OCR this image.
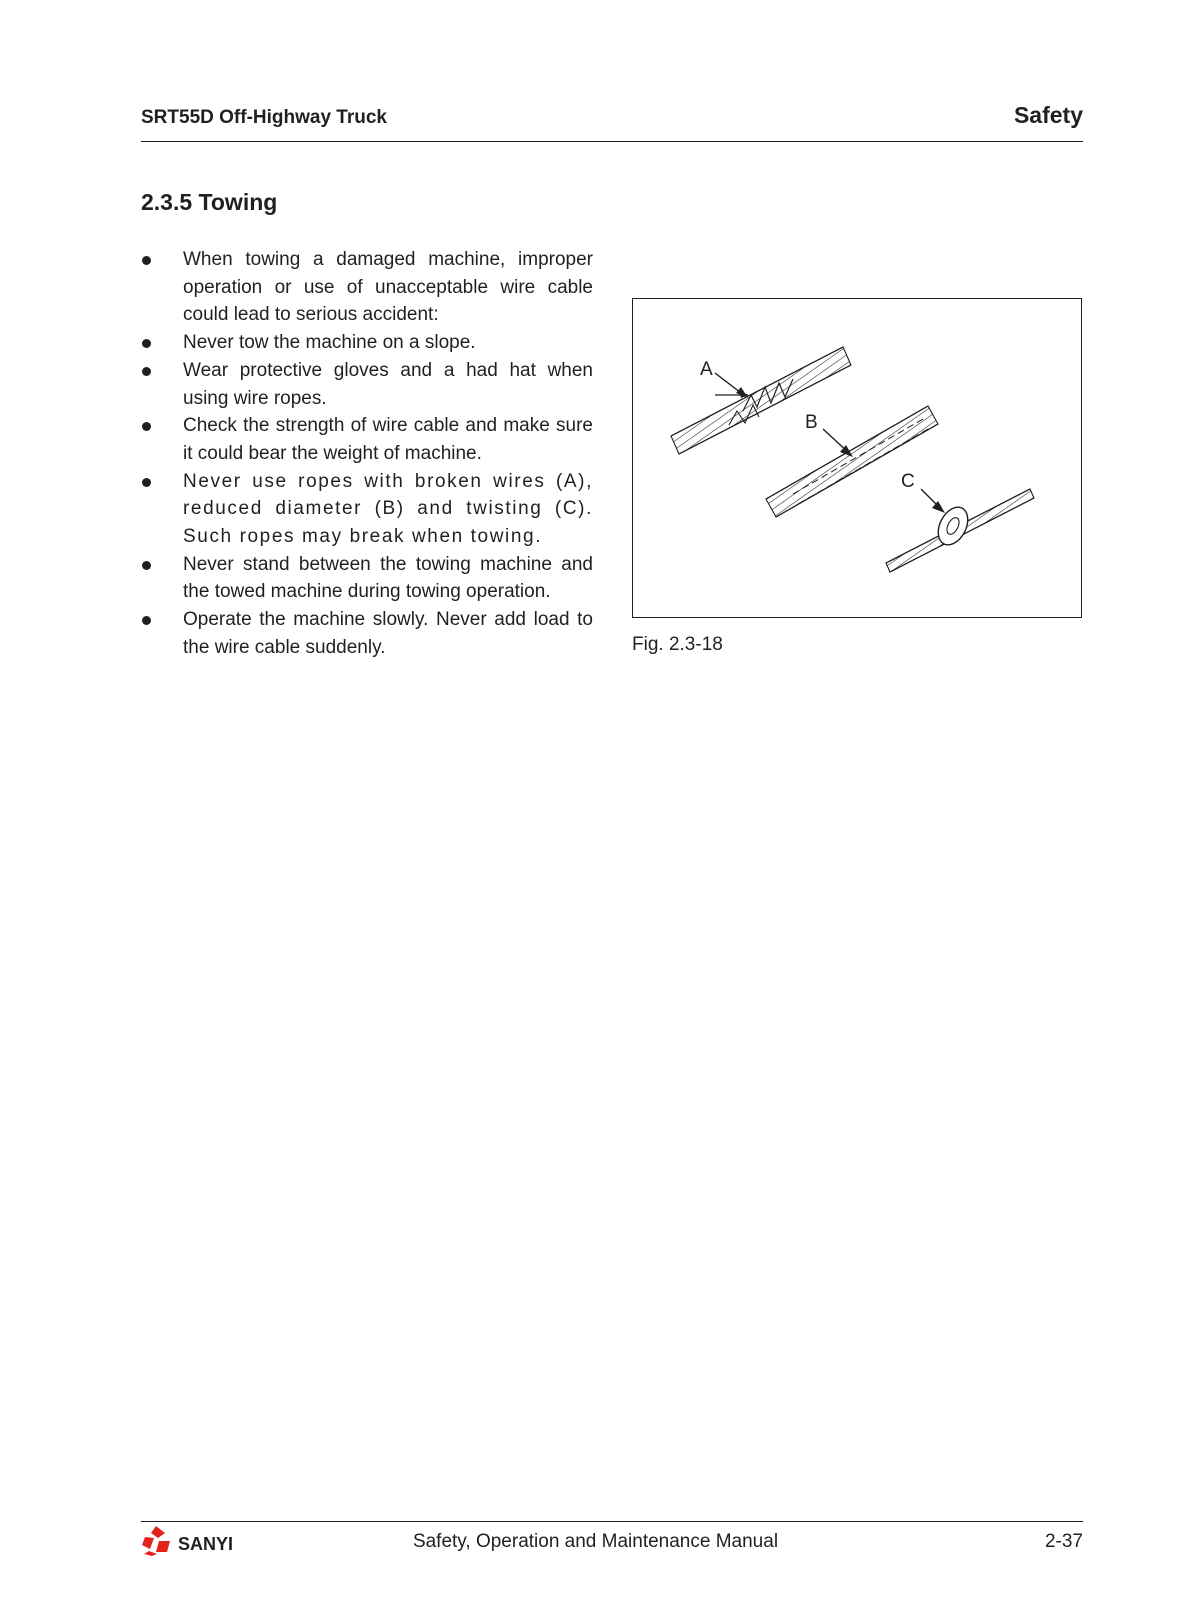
SRT55D Off-Highway Truck	Safety
2.3.5 Towing
When towing a damaged machine, improper operation or use of unacceptable wire cable could lead to serious accident:
Never tow the machine on a slope.
Wear protective gloves and a had hat when using wire ropes.
Check the strength of wire cable and make sure it could bear the weight of machine.
Never use ropes with broken wires (A), reduced diameter (B) and twisting (C). Such ropes may break when towing.
Never stand between the towing machine and the towed machine during towing operation.
Operate the machine slowly. Never add load to the wire cable suddenly.
A
B
C
Fig. 2.3-18
SANYI	Safety, Operation and Maintenance Manual	2-37
